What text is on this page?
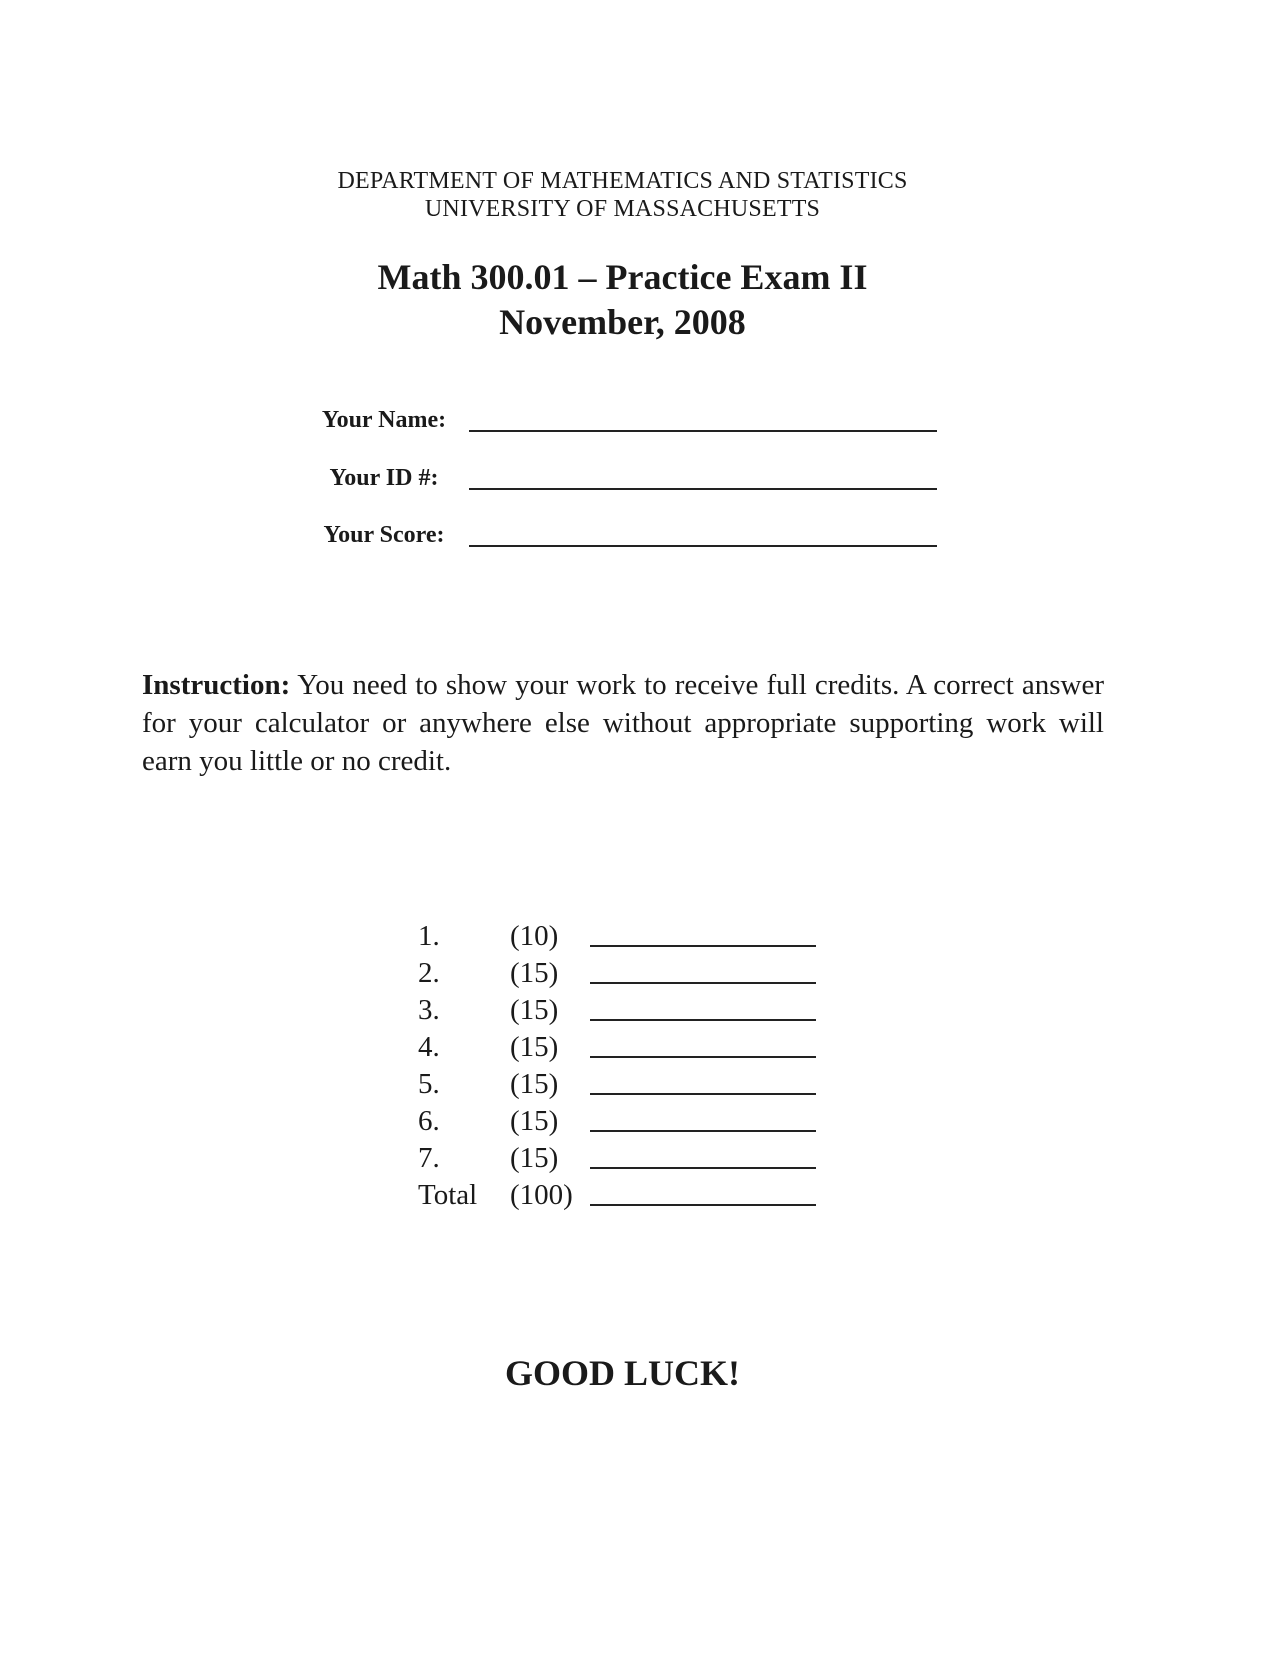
DEPARTMENT OF MATHEMATICS AND STATISTICS
UNIVERSITY OF MASSACHUSETTS
Math 300.01 – Practice Exam II
November, 2008
Your Name:
Your ID #:
Your Score:
Instruction: You need to show your work to receive full credits. A correct answer for your calculator or anywhere else without appropriate supporting work will earn you little or no credit.
1.	(10)
2.	(15)
3.	(15)
4.	(15)
5.	(15)
6.	(15)
7.	(15)
Total	(100)
GOOD LUCK!
